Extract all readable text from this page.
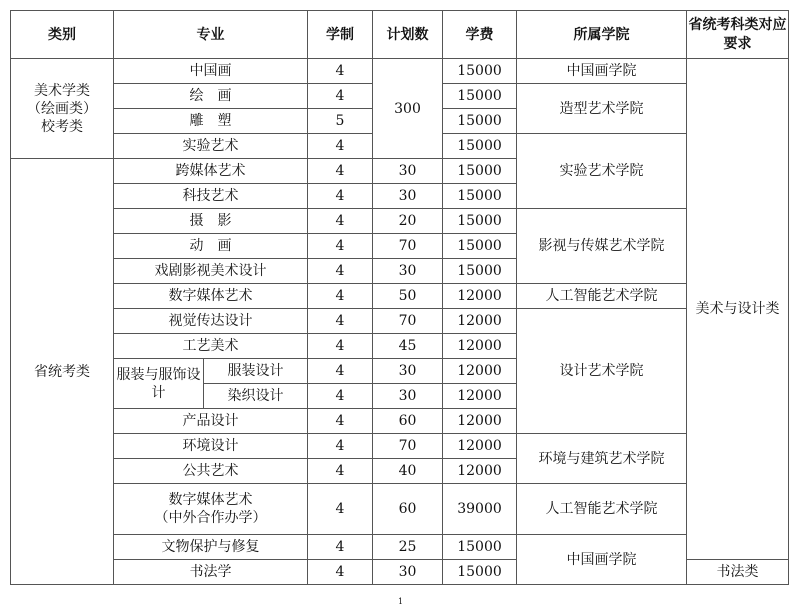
类别	专业		学制	计划数	学费	所属学院	省统考科类对应要求

美术学类
（绘画类）
校考类	中国画		4	300	15000	中国画学院	美术与设计类
	绘　画		4		15000	造型艺术学院	
	雕　塑		5		15000		
	实验艺术		4		15000	实验艺术学院	
省统考类	跨媒体艺术		4	30	15000		
	科技艺术		4	30	15000		
	摄　影		4	20	15000	影视与传媒艺术学院	
	动　画		4	70	15000		
	戏剧影视美术设计		4	30	15000		
	数字媒体艺术		4	50	12000	人工智能艺术学院	
	视觉传达设计		4	70	12000	设计艺术学院	
	工艺美术		4	45	12000		
	服装与服饰设计	服装设计	4	30	12000		
		染织设计	4	30	12000		
	产品设计		4	60	12000		
	环境设计		4	70	12000	环境与建筑艺术学院	
	公共艺术		4	40	12000		

	数字媒体艺术
（中外合作办学）		4	60	39000	人工智能艺术学院	
	文物保护与修复		4	25	15000	中国画学院	
	书法学		4	30	15000		书法类
1
